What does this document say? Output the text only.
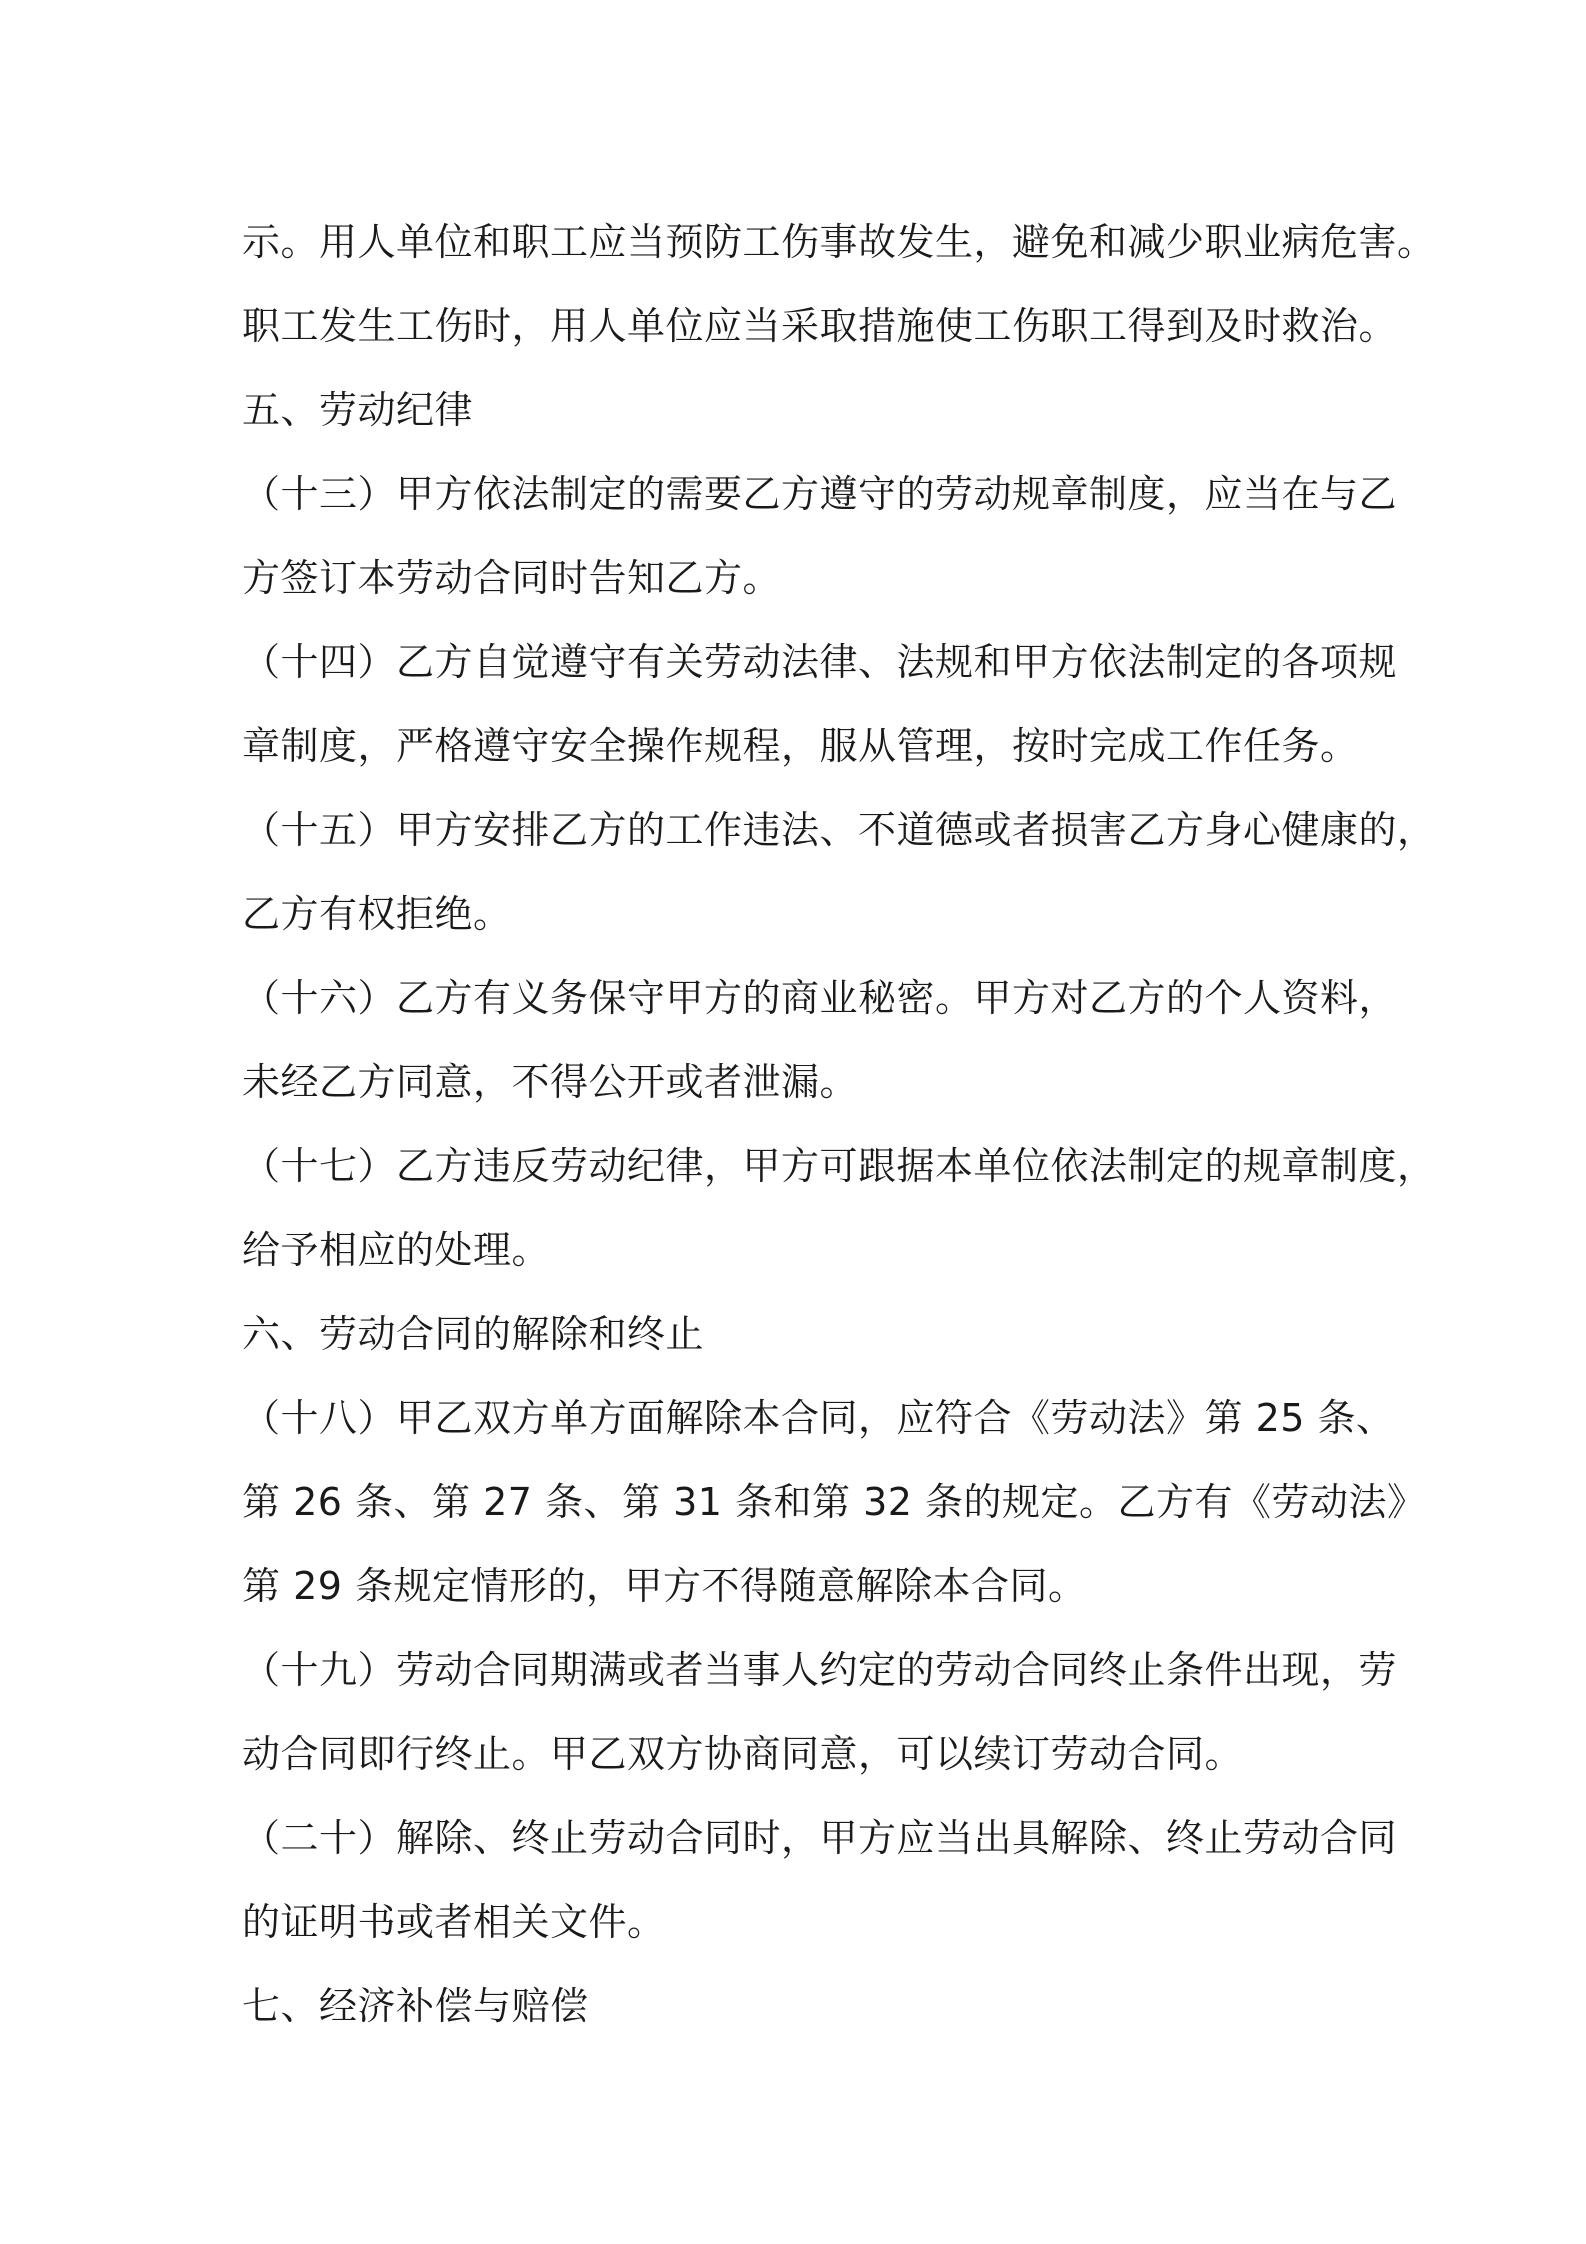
示。用人单位和职工应当预防工伤事故发生，避免和减少职业病危害。
职工发生工伤时，用人单位应当采取措施使工伤职工得到及时救治。
五、劳动纪律
（十三）甲方依法制定的需要乙方遵守的劳动规章制度，应当在与乙
方签订本劳动合同时告知乙方。
（十四）乙方自觉遵守有关劳动法律、法规和甲方依法制定的各项规
章制度，严格遵守安全操作规程，服从管理，按时完成工作任务。
（十五）甲方安排乙方的工作违法、不道德或者损害乙方身心健康的，
乙方有权拒绝。
（十六）乙方有义务保守甲方的商业秘密。甲方对乙方的个人资料，
未经乙方同意，不得公开或者泄漏。
（十七）乙方违反劳动纪律，甲方可跟据本单位依法制定的规章制度，
给予相应的处理。
六、劳动合同的解除和终止
（十八）甲乙双方单方面解除本合同，应符合《劳动法》第 25 条、
第 26 条、第 27 条、第 31 条和第 32 条的规定。乙方有《劳动法》
第 29 条规定情形的，甲方不得随意解除本合同。
（十九）劳动合同期满或者当事人约定的劳动合同终止条件出现，劳
动合同即行终止。甲乙双方协商同意，可以续订劳动合同。
（二十）解除、终止劳动合同时，甲方应当出具解除、终止劳动合同
的证明书或者相关文件。
七、经济补偿与赔偿
